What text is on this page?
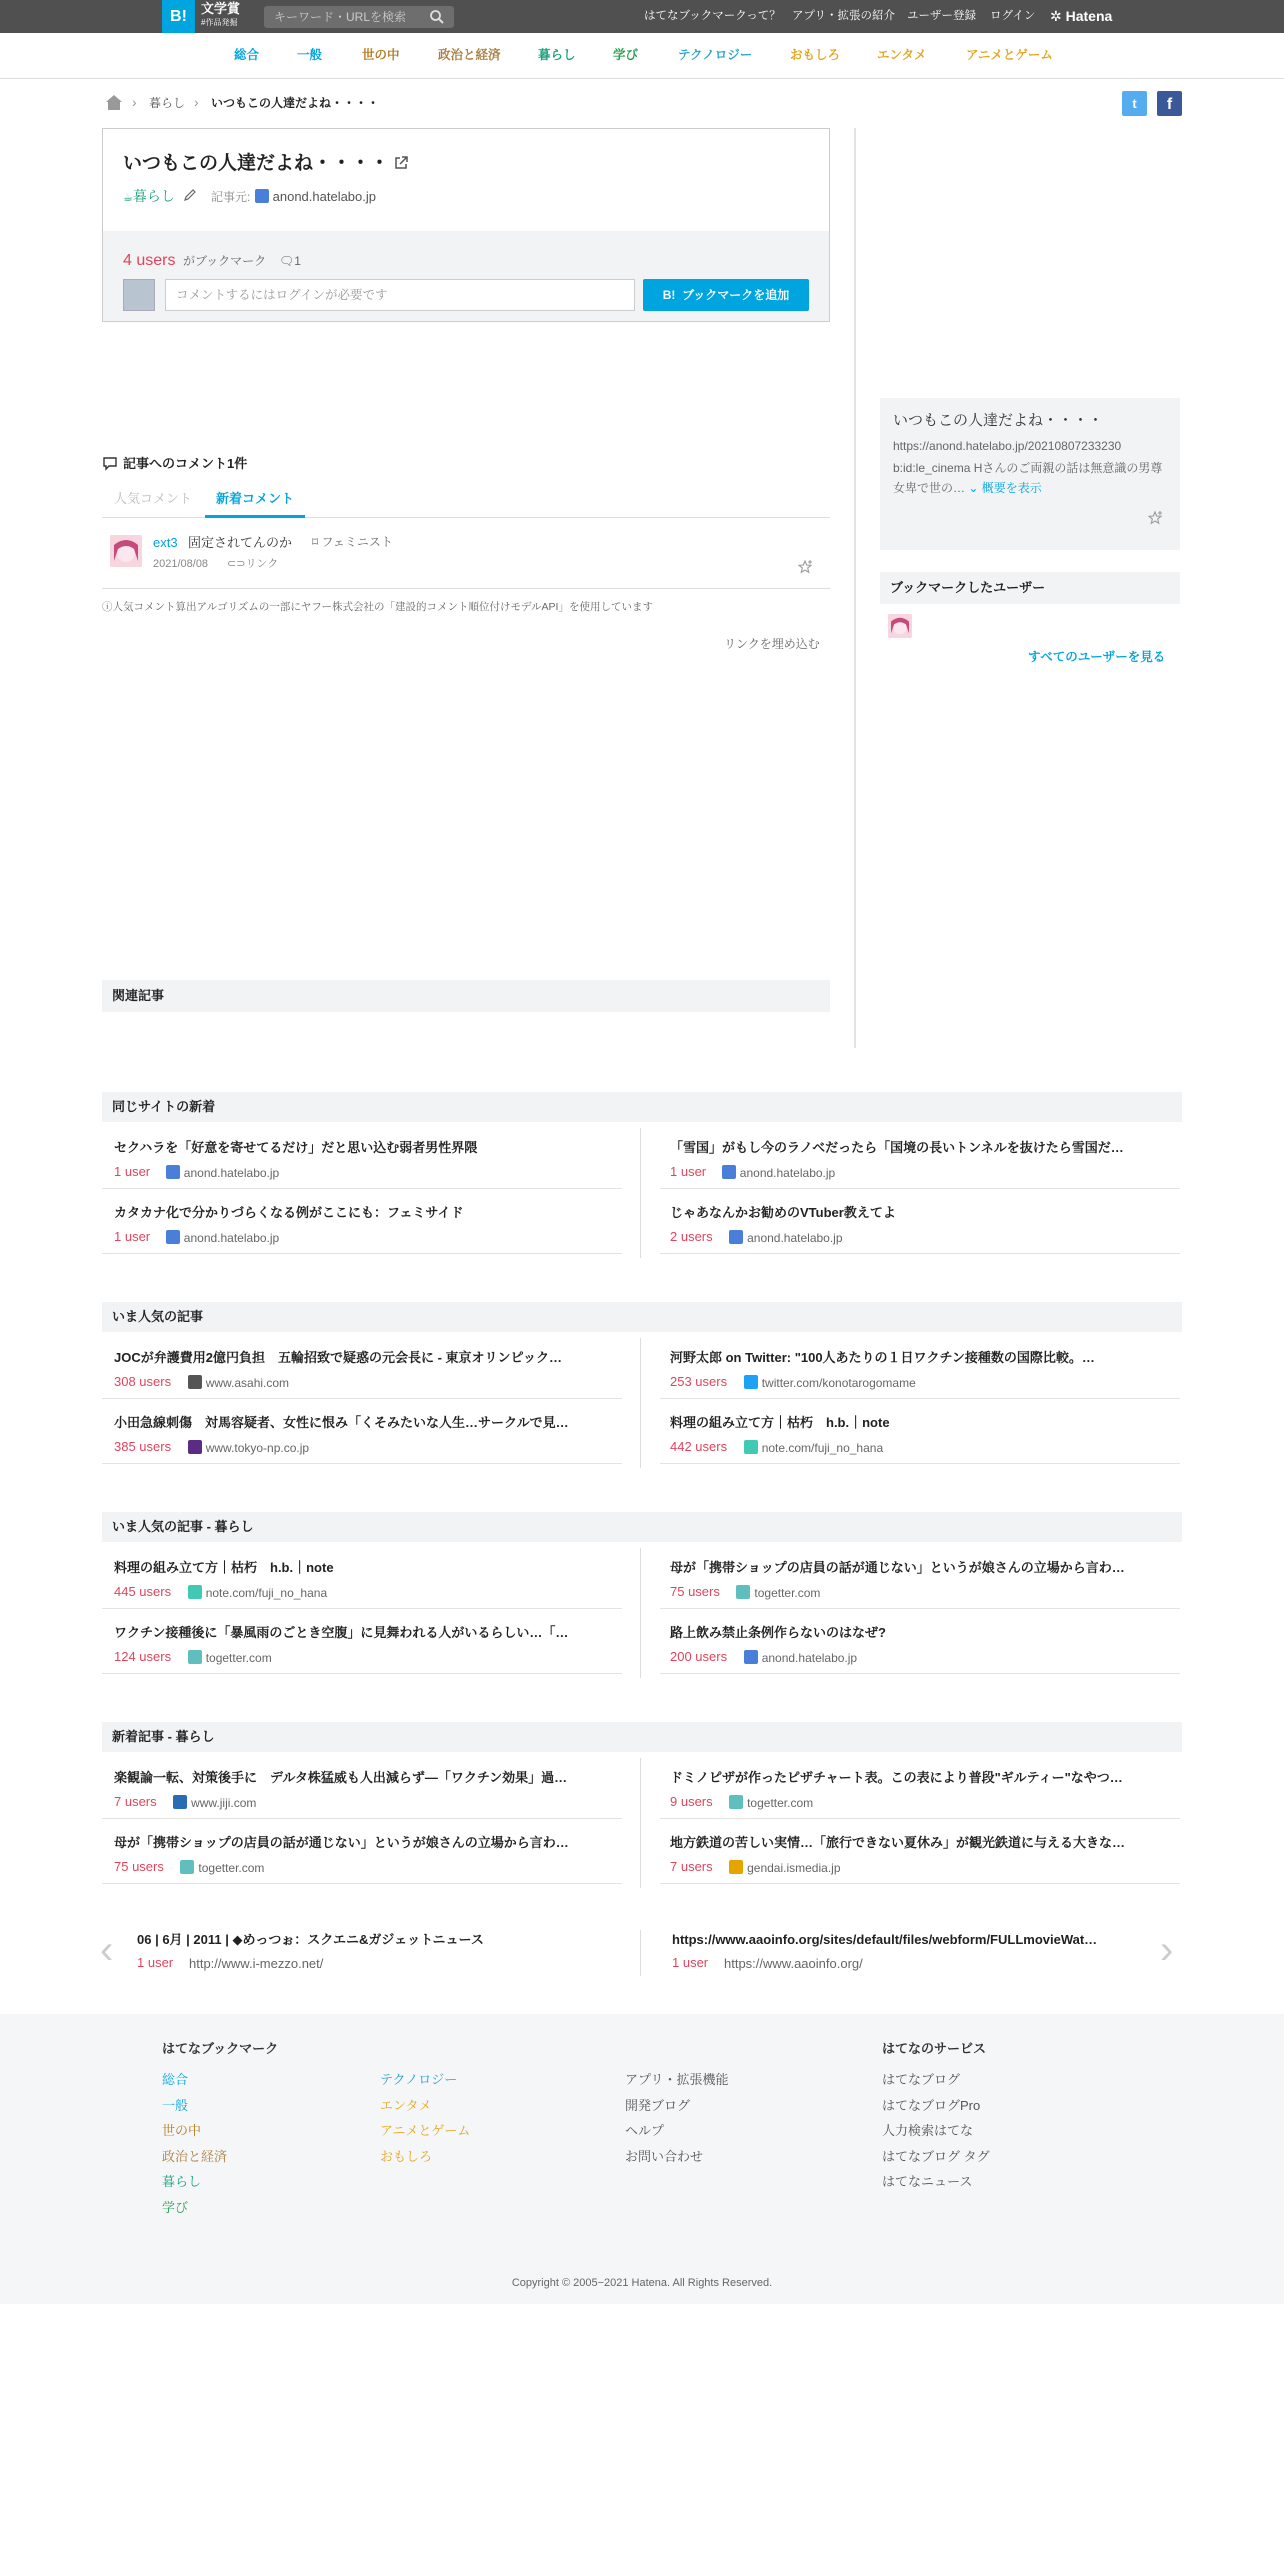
B!	文学賞
#作品発掘	キーワード・URLを検索	はてなブックマークって？ アプリ・拡張の紹介 ユーザー登録 ログイン ✲ Hatena
総合	一般	世の中	政治と経済	暮らし	学び	テクノロジー	おもしろ	エンタメ	アニメとゲーム
› 暮らし › いつもこの人達だよね・・・・	t	f
いつもこの人達だよね・・・・
☕暮らし	記事元:	anond.hatelabo.jp
4 users がブックマーク 🗨1
コメントするにはログインが必要です	B! ブックマークを追加
記事へのコメント1件
人気コメント 新着コメント
ext3 固定されてんのか ⌑ フェミニスト
2021/08/08 ⊂⊃リンク
ⓘ人気コメント算出アルゴリズムの一部にヤフー株式会社の「建設的コメント順位付けモデルAPI」を使用しています
リンクを埋め込む
関連記事
いつもこの人達だよね・・・・
https://anond.hatelabo.jp/20210807233230
b:id:le_cinema Hさんのご両親の話は無意識の男尊女卑で世の… ⌄ 概要を表示
ブックマークしたユーザー
すべてのユーザーを見る
同じサイトの新着
セクハラを「好意を寄せてるだけ」だと思い込む弱者男性界隈
1 user	anond.hatelabo.jp
「雪国」がもし今のラノベだったら「国境の長いトンネルを抜けたら雪国だ…
1 user	anond.hatelabo.jp
カタカナ化で分かりづらくなる例がここにも：フェミサイド
1 user	anond.hatelabo.jp
じゃあなんかお勧めのVTuber教えてよ
2 users	anond.hatelabo.jp
いま人気の記事
JOCが弁護費用2億円負担　五輪招致で疑惑の元会長に - 東京オリンピック…
308 users	www.asahi.com
河野太郎 on Twitter: "100人あたりの１日ワクチン接種数の国際比較。…
253 users	twitter.com/konotarogomame
小田急線刺傷　対馬容疑者、女性に恨み「くそみたいな人生…サークルで見…
385 users	www.tokyo-np.co.jp
料理の組み立て方｜枯朽　h.b.｜note
442 users	note.com/fuji_no_hana
いま人気の記事 - 暮らし
料理の組み立て方｜枯朽　h.b.｜note
445 users	note.com/fuji_no_hana
母が「携帯ショップの店員の話が通じない」というが娘さんの立場から言わ…
75 users	togetter.com
ワクチン接種後に「暴風雨のごとき空腹」に見舞われる人がいるらしい…「…
124 users	togetter.com
路上飲み禁止条例作らないのはなぜ?
200 users	anond.hatelabo.jp
新着記事 - 暮らし
楽観論一転、対策後手に　デルタ株猛威も人出減らず―「ワクチン効果」過…
7 users	www.jiji.com
ドミノピザが作ったピザチャート表。この表により普段"ギルティー"なやつ…
9 users	togetter.com
母が「携帯ショップの店員の話が通じない」というが娘さんの立場から言わ…
75 users	togetter.com
地方鉄道の苦しい実情…「旅行できない夏休み」が観光鉄道に与える大きな…
7 users	gendai.ismedia.jp
‹	›
06 | 6月 | 2011 | ◆めっつぉ：スクエニ&ガジェットニュース
1 user http://www.i-mezzo.net/
https://www.aaoinfo.org/sites/default/files/webform/FULLmovieWat…
1 user https://www.aaoinfo.org/
はてなブックマーク
総合
一般
世の中
政治と経済
暮らし
学び
テクノロジー
エンタメ
アニメとゲーム
おもしろ
アプリ・拡張機能
開発ブログ
ヘルプ
お問い合わせ
はてなのサービス
はてなブログ
はてなブログPro
人力検索はてな
はてなブログ タグ
はてなニュース
Copyright © 2005−2021 Hatena. All Rights Reserved.
